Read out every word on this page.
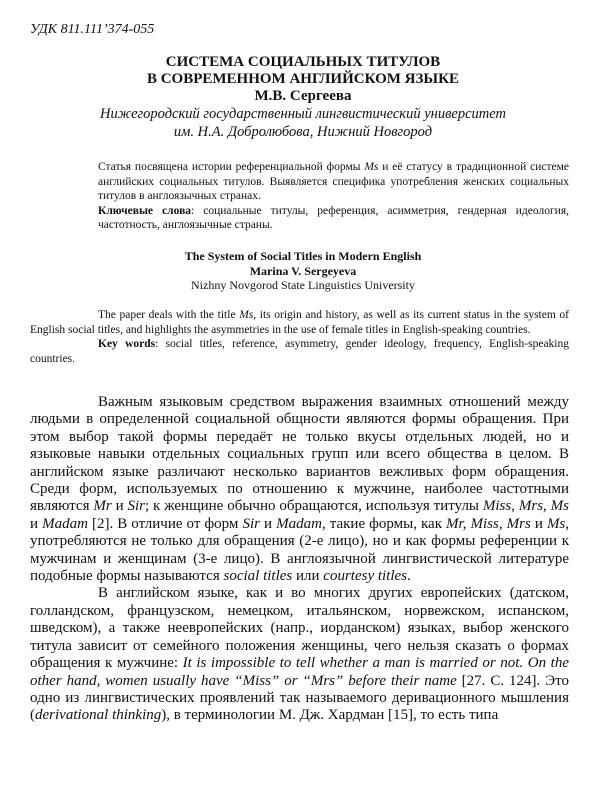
УДК 811.111’374-055
СИСТЕМА СОЦИАЛЬНЫХ ТИТУЛОВ
В СОВРЕМЕННОМ АНГЛИЙСКОМ ЯЗЫКЕ
М.В. Сергеева
Нижегородский государственный лингвистический университет
им. Н.А. Добролюбова, Нижний Новгород

Статья посвящена истории референциальной формы Ms и её статусу в традиционной системе английских социальных титулов. Выявляется специфика употребления женских социальных титулов в англоязычных странах.

Ключевые слова: социальные титулы, референция, асимметрия, гендерная идеология, частотность, англоязычные страны.

The System of Social Titles in Modern English
Marina V. Sergeyeva
Nizhny Novgorod State Linguistics University

The paper deals with the title Ms, its origin and history, as well as its current status in the system of English social titles, and highlights the asymmetries in the use of female titles in English-speaking countries.

Key words: social titles, reference, asymmetry, gender ideology, frequency, English-speaking countries.

Важным языковым средством выражения взаимных отношений между людьми в определенной социальной общности являются формы обращения. При этом выбор такой формы передаёт не только вкусы отдельных людей, но и языковые навыки отдельных социальных групп или всего общества в целом. В английском языке различают несколько вариантов вежливых форм обращения. Среди форм, используемых по отношению к мужчине, наиболее частотными являются Mr и Sir; к женщине обычно обращаются, используя титулы Miss, Mrs, Ms и Madam [2]. В отличие от форм Sir и Madam, такие формы, как Mr, Miss, Mrs и Ms, употребляются не только для обращения (2-е лицо), но и как формы референции к мужчинам и женщинам (3-е лицо). В англоязычной лингвистической литературе подобные формы называются social titles или courtesy titles.

В английском языке, как и во многих других европейских (датском, голландском, французском, немецком, итальянском, норвежском, испанском, шведском), а также неевропейских (напр., иорданском) языках, выбор женского титула зависит от семейного положения женщины, чего нельзя сказать о формах обращения к мужчине: It is impossible to tell whether a man is married or not. On the other hand, women usually have “Miss” or “Mrs” before their name [27. С. 124]. Это одно из лингвистических проявлений так называемого деривационного мышления (derivational thinking), в терминологии М. Дж. Хардман [15], то есть типа
